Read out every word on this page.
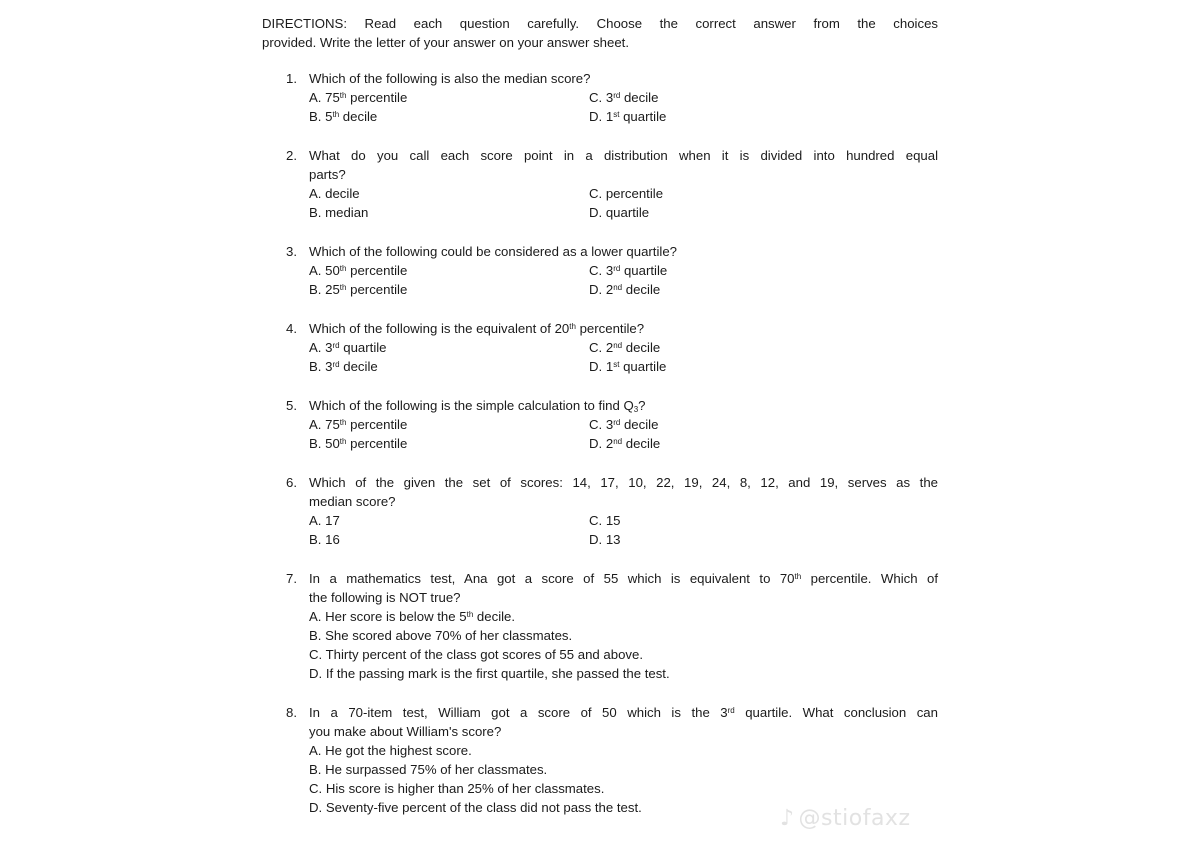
DIRECTIONS: Read each question carefully. Choose the correct answer from the choices
provided. Write the letter of your answer on your answer sheet.

1. Which of the following is also the median score?
A. 75th percentile	C. 3rd decile
B. 5th decile	D. 1st quartile
2. What do you call each score point in a distribution when it is divided into hundred equal
parts?
A. decile	C. percentile
B. median	D. quartile
3. Which of the following could be considered as a lower quartile?
A. 50th percentile	C. 3rd quartile
B. 25th percentile	D. 2nd decile
4. Which of the following is the equivalent of 20th percentile?
A. 3rd quartile	C. 2nd decile
B. 3rd decile	D. 1st quartile
5. Which of the following is the simple calculation to find $Q_3$?
A. 75th percentile	C. 3rd decile
B. 50th percentile	D. 2nd decile
6. Which of the given the set of scores: 14, 17, 10, 22, 19, 24, 8, 12, and 19, serves as the
median score?
A. 17	C. 15
B. 16	D. 13
7. In a mathematics test, Ana got a score of 55 which is equivalent to 70th percentile. Which of
the following is NOT true?
A. Her score is below the 5th decile.
B. She scored above 70% of her classmates.
C. Thirty percent of the class got scores of 55 and above.
D. If the passing mark is the first quartile, she passed the test.
8. In a 70-item test, William got a score of 50 which is the 3rd quartile. What conclusion can
you make about William's score?
A. He got the highest score.
B. He surpassed 75% of her classmates.
C. His score is higher than 25% of her classmates.
D. Seventy-five percent of the class did not pass the test.	♪ @stiofaxz
